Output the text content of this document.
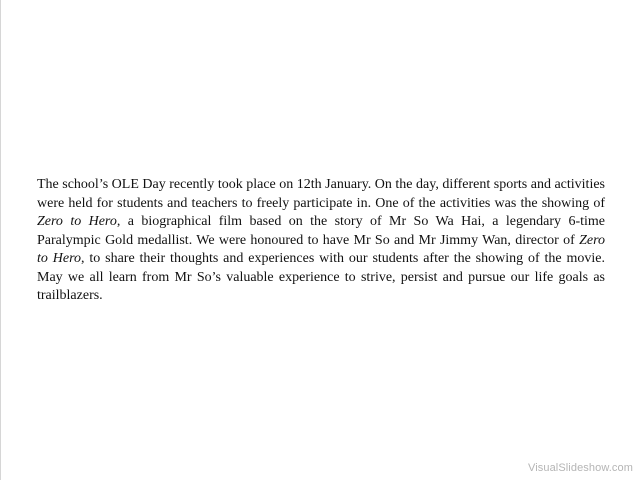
The school’s OLE Day recently took place on 12th January. On the day, different sports and activities were held for students and teachers to freely participate in. One of the activities was the showing of Zero to Hero, a biographical film based on the story of Mr So Wa Hai, a legendary 6-time Paralympic Gold medallist. We were honoured to have Mr So and Mr Jimmy Wan, director of Zero to Hero, to share their thoughts and experiences with our students after the showing of the movie. May we all learn from Mr So’s valuable experience to strive, persist and pursue our life goals as trailblazers.

VisualSlideshow.com
